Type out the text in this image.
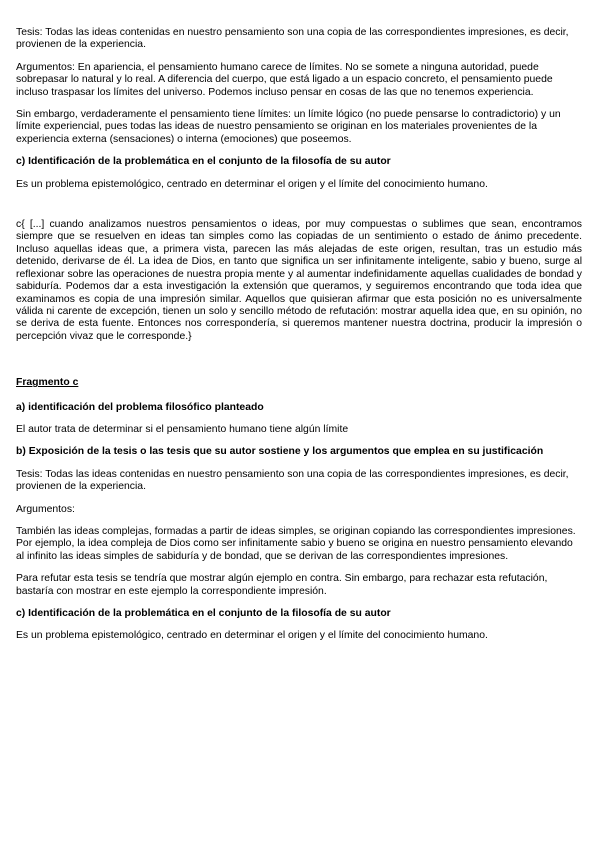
Tesis: Todas las ideas contenidas en nuestro pensamiento son una copia de las correspondientes impresiones, es decir, provienen de la experiencia.

Argumentos: En apariencia, el pensamiento humano carece de límites. No se somete a ninguna autoridad, puede sobrepasar lo natural y lo real. A diferencia del cuerpo, que está ligado a un espacio concreto, el pensamiento puede incluso traspasar los límites del universo. Podemos incluso pensar en cosas de las que no tenemos experiencia.

Sin embargo, verdaderamente el pensamiento tiene límites: un límite lógico (no puede pensarse lo contradictorio) y un límite experiencial, pues todas las ideas de nuestro pensamiento se originan en los materiales provenientes de la experiencia externa (sensaciones) o interna (emociones) que poseemos.

c) Identificación de la problemática en el conjunto de la filosofía de su autor

Es un problema epistemológico, centrado en determinar el origen y el límite del conocimiento humano.

c{ [...] cuando analizamos nuestros pensamientos o ideas, por muy compuestas o sublimes que sean, encontramos siempre que se resuelven en ideas tan simples como las copiadas de un sentimiento o estado de ánimo precedente. Incluso aquellas ideas que, a primera vista, parecen las más alejadas de este origen, resultan, tras un estudio más detenido, derivarse de él. La idea de Dios, en tanto que significa un ser infinitamente inteligente, sabio y bueno, surge al reflexionar sobre las operaciones de nuestra propia mente y al aumentar indefinidamente aquellas cualidades de bondad y sabiduría. Podemos dar a esta investigación la extensión que queramos, y seguiremos encontrando que toda idea que examinamos es copia de una impresión similar. Aquellos que quisieran afirmar que esta posición no es universalmente válida ni carente de excepción, tienen un solo y sencillo método de refutación: mostrar aquella idea que, en su opinión, no se deriva de esta fuente. Entonces nos correspondería, si queremos mantener nuestra doctrina, producir la impresión o percepción vivaz que le corresponde.}

Fragmento c

a) identificación del problema filosófico planteado

El autor trata de determinar si el pensamiento humano tiene algún límite

b) Exposición de la tesis o las tesis que su autor sostiene y los argumentos que emplea en su justificación

Tesis: Todas las ideas contenidas en nuestro pensamiento son una copia de las correspondientes impresiones, es decir, provienen de la experiencia.

Argumentos:

También las ideas complejas, formadas a partir de ideas simples, se originan copiando las correspondientes impresiones. Por ejemplo, la idea compleja de Dios como ser infinitamente sabio y bueno se origina en nuestro pensamiento elevando al infinito las ideas simples de sabiduría y de bondad, que se derivan de las correspondientes impresiones.

Para refutar esta tesis se tendría que mostrar algún ejemplo en contra. Sin embargo, para rechazar esta refutación, bastaría con mostrar en este ejemplo la correspondiente impresión.

c) Identificación de la problemática en el conjunto de la filosofía de su autor

Es un problema epistemológico, centrado en determinar el origen y el límite del conocimiento humano.
